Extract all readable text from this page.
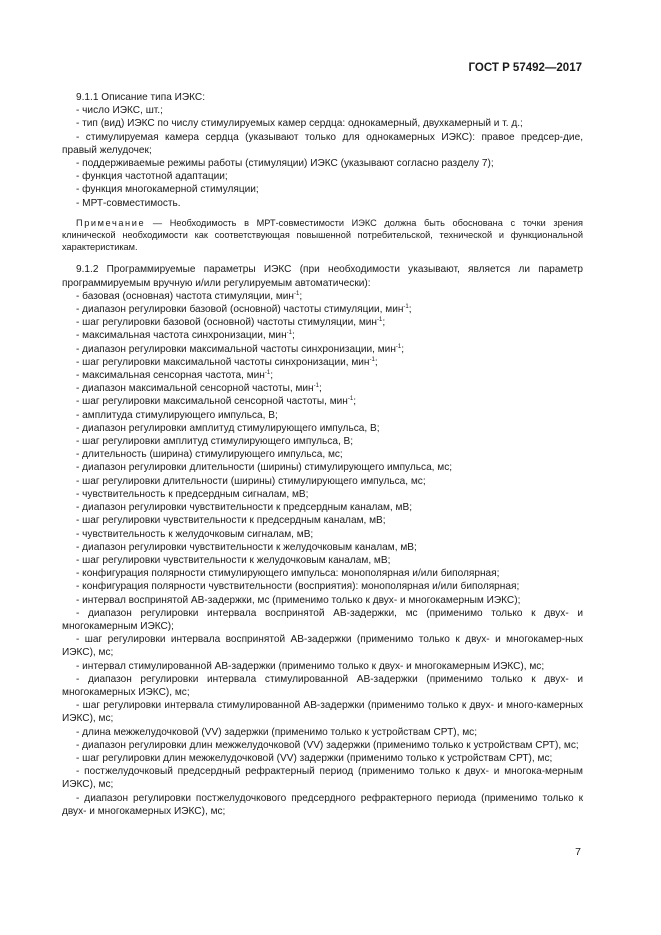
ГОСТ Р 57492—2017
9.1.1 Описание типа ИЭКС:
- число ИЭКС, шт.;
- тип (вид) ИЭКС по числу стимулируемых камер сердца: однокамерный, двухкамерный и т. д.;
- стимулируемая камера сердца (указывают только для однокамерных ИЭКС): правое предсер-дие, правый желудочек;
- поддерживаемые режимы работы (стимуляции) ИЭКС (указывают согласно разделу 7);
- функция частотной адаптации;
- функция многокамерной стимуляции;
- МРТ-совместимость.
Примечание — Необходимость в МРТ-совместимости ИЭКС должна быть обоснована с точки зрения клинической необходимости как соответствующая повышенной потребительской, технической и функциональной характеристикам.
9.1.2 Программируемые параметры ИЭКС (при необходимости указывают, является ли параметр программируемым вручную и/или регулируемым автоматически):
- базовая (основная) частота стимуляции, мин$^{-1}$;
- диапазон регулировки базовой (основной) частоты стимуляции, мин$^{-1}$;
- шаг регулировки базовой (основной) частоты стимуляции, мин$^{-1}$;
- максимальная частота синхронизации, мин$^{-1}$;
- диапазон регулировки максимальной частоты синхронизации, мин$^{-1}$;
- шаг регулировки максимальной частоты синхронизации, мин$^{-1}$;
- максимальная сенсорная частота, мин$^{-1}$;
- диапазон максимальной сенсорной частоты, мин$^{-1}$;
- шаг регулировки максимальной сенсорной частоты, мин$^{-1}$;
- амплитуда стимулирующего импульса, В;
- диапазон регулировки амплитуд стимулирующего импульса, В;
- шаг регулировки амплитуд стимулирующего импульса, В;
- длительность (ширина) стимулирующего импульса, мс;
- диапазон регулировки длительности (ширины) стимулирующего импульса, мс;
- шаг регулировки длительности (ширины) стимулирующего импульса, мс;
- чувствительность к предсердным сигналам, мВ;
- диапазон регулировки чувствительности к предсердным каналам, мВ;
- шаг регулировки чувствительности к предсердным каналам, мВ;
- чувствительность к желудочковым сигналам, мВ;
- диапазон регулировки чувствительности к желудочковым каналам, мВ;
- шаг регулировки чувствительности к желудочковым каналам, мВ;
- конфигурация полярности стимулирующего импульса: монополярная и/или биполярная;
- конфигурация полярности чувствительности (восприятия): монополярная и/или биполярная;
- интервал воспринятой АВ-задержки, мс (применимо только к двух- и многокамерным ИЭКС);
- диапазон регулировки интервала воспринятой АВ-задержки, мс (применимо только к двух- и многокамерным ИЭКС);
- шаг регулировки интервала воспринятой АВ-задержки (применимо только к двух- и многокамер-ных ИЭКС), мс;
- интервал стимулированной АВ-задержки (применимо только к двух- и многокамерным ИЭКС), мс;
- диапазон регулировки интервала стимулированной АВ-задержки (применимо только к двух- и многокамерных ИЭКС), мс;
- шаг регулировки интервала стимулированной АВ-задержки (применимо только к двух- и много-камерных ИЭКС), мс;
- длина межжелудочковой (VV) задержки (применимо только к устройствам СРТ), мс;
- диапазон регулировки длин межжелудочковой (VV) задержки (применимо только к устройствам СРТ), мс;
- шаг регулировки длин межжелудочковой (VV) задержки (применимо только к устройствам СРТ), мс;
- постжелудочковый предсердный рефрактерный период (применимо только к двух- и многока-мерным ИЭКС), мс;
- диапазон регулировки постжелудочкового предсердного рефрактерного периода (применимо только к двух- и многокамерных ИЭКС), мс;
7
